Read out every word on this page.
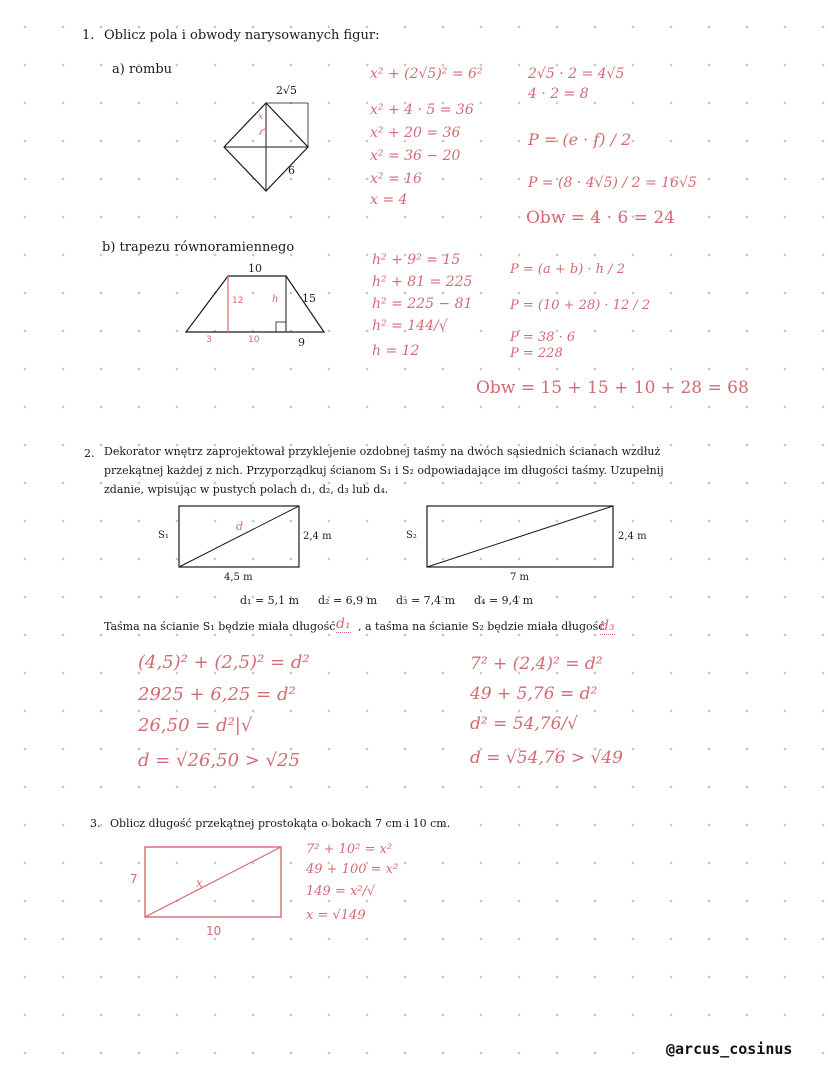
1. Oblicz pola i obwody narysowanych figur:
a) rombu
2√5
6
x
x² + (2√5)² = 6²
x² + 4 · 5 = 36
x² + 20 = 36
x² = 36 − 20
x² = 16
x = 4
2√5 · 2 = 4√5
4 · 2 = 8
P = (e · f) / 2
P = (8 · 4√5) / 2 = 16√5
Obw = 4 · 6 = 24
b) trapezu równoramiennego
10
15
12	h
3	10	9
h² + 9² = 15
h² + 81 = 225
h² = 225 − 81
h² = 144/√
h = 12
P = (a + b) · h / 2
P = (10 + 28) · 12 / 2
P = 38 · 6
P = 228
Obw = 15 + 15 + 10 + 28 = 68
2. Dekorator wnętrz zaprojektował przyklejenie ozdobnej taśmy na dwóch sąsiednich ścianach wzdłuż przekątnej każdej z nich. Przyporządkuj ścianom S₁ i S₂ odpowiadające im długości taśmy. Uzupełnij zdanie, wpisując w pustych polach d₁, d₂, d₃ lub d₄.
S₁	2,4 m
4,5 m
d
S₂	2,4 m
7 m
d₁ = 5,1 m d₂ = 6,9 m d₃ = 7,4 m d₄ = 9,4 m
Taśma na ścianie S₁ będzie miała długość d₁ , a taśma na ścianie S₂ będzie miała długość
d₃
(4,5)² + (2,5)² = d²
2925 + 6,25 = d²
26,50 = d²|√
d = √26,50 > √25
7² + (2,4)² = d²
49 + 5,76 = d²
d² = 54,76/√
d = √54,76 > √49
3. Oblicz długość przekątnej prostokąta o bokach 7 cm i 10 cm.
7
10
x
7² + 10² = x²
49 + 100 = x²
149 = x²/√
x = √149
@arcus_cosinus
